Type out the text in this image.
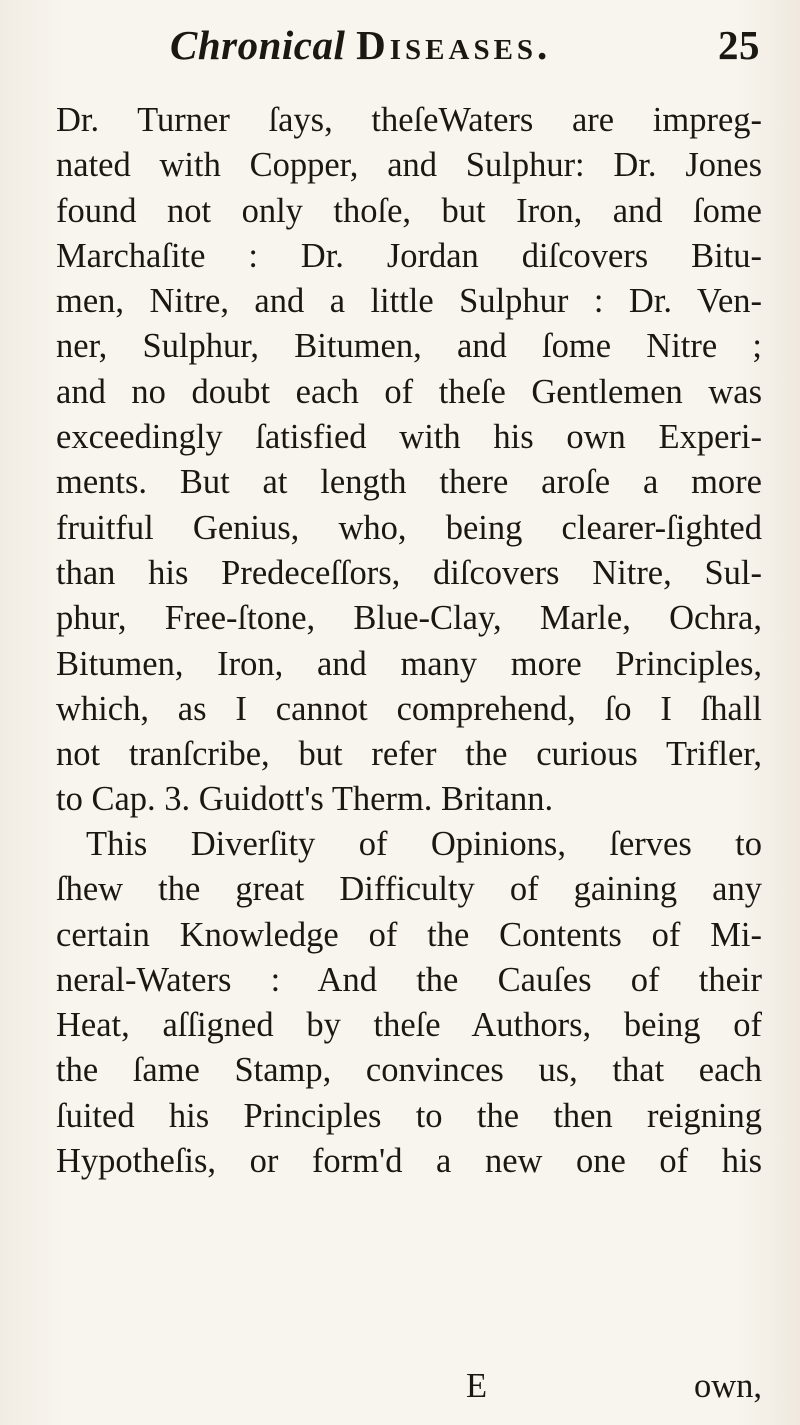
Chronical Diseases.	25
Dr. Turner ſays, theſeWaters are impreg-
nated with Copper, and Sulphur: Dr. Jones
found not only thoſe, but Iron, and ſome
Marchaſite : Dr. Jordan diſcovers Bitu-
men, Nitre, and a little Sulphur : Dr. Ven-
ner, Sulphur, Bitumen, and ſome Nitre ;
and no doubt each of theſe Gentlemen was
exceedingly ſatisfied with his own Experi-
ments. But at length there aroſe a more
fruitful Genius, who, being clearer-ſighted
than his Predeceſſors, diſcovers Nitre, Sul-
phur, Free-ſtone, Blue-Clay, Marle, Ochra,
Bitumen, Iron, and many more Principles,
which, as I cannot comprehend, ſo I ſhall
not tranſcribe, but refer the curious Trifler,
to Cap. 3. Guidott's Therm. Britann.
This Diverſity of Opinions, ſerves to
ſhew the great Difficulty of gaining any
certain Knowledge of the Contents of Mi-
neral-Waters : And the Cauſes of their
Heat, aſſigned by theſe Authors, being of
the ſame Stamp, convinces us, that each
ſuited his Principles to the then reigning
Hypotheſis, or form'd a new one of his
E	own,
